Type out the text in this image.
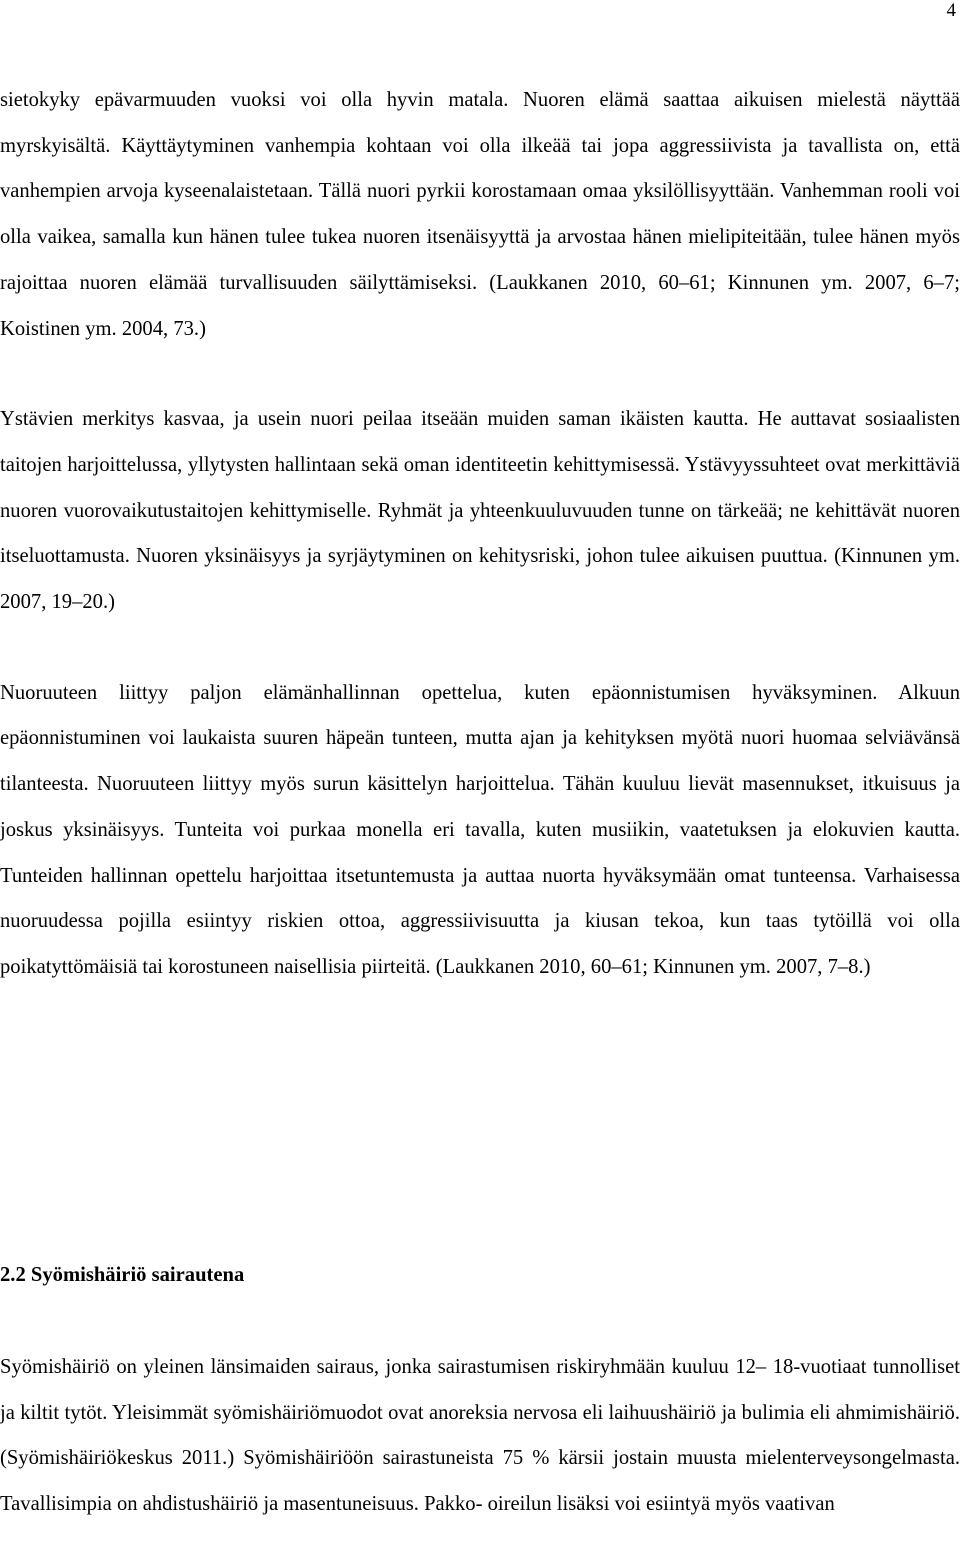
4

sietokyky epävarmuuden vuoksi voi olla hyvin matala. Nuoren elämä saattaa aikuisen mielestä näyttää myrskyisältä. Käyttäytyminen vanhempia kohtaan voi olla ilkeää tai jopa aggressiivista ja tavallista on, että vanhempien arvoja kyseenalaistetaan. Tällä nuori pyrkii korostamaan omaa yksilöllisyyttään. Vanhemman rooli voi olla vaikea, samalla kun hänen tulee tukea nuoren itsenäisyyttä ja arvostaa hänen mielipiteitään, tulee hänen myös rajoittaa nuoren elämää turvallisuuden säilyttämiseksi. (Laukkanen 2010, 60–61; Kinnunen ym. 2007, 6–7; Koistinen ym. 2004, 73.)

Ystävien merkitys kasvaa, ja usein nuori peilaa itseään muiden saman ikäisten kautta. He auttavat sosiaalisten taitojen harjoittelussa, yllytysten hallintaan sekä oman identiteetin kehittymisessä. Ystävyyssuhteet ovat merkittäviä nuoren vuorovaikutustaitojen kehittymiselle. Ryhmät ja yhteenkuuluvuuden tunne on tärkeää; ne kehittävät nuoren itseluottamusta. Nuoren yksinäisyys ja syrjäytyminen on kehitysriski, johon tulee aikuisen puuttua. (Kinnunen ym. 2007, 19–20.)

Nuoruuteen liittyy paljon elämänhallinnan opettelua, kuten epäonnistumisen hyväksyminen. Alkuun epäonnistuminen voi laukaista suuren häpeän tunteen, mutta ajan ja kehityksen myötä nuori huomaa selviävänsä tilanteesta. Nuoruuteen liittyy myös surun käsittelyn harjoittelua. Tähän kuuluu lievät masennukset, itkuisuus ja joskus yksinäisyys. Tunteita voi purkaa monella eri tavalla, kuten musiikin, vaatetuksen ja elokuvien kautta. Tunteiden hallinnan opettelu harjoittaa itsetuntemusta ja auttaa nuorta hyväksymään omat tunteensa. Varhaisessa nuoruudessa pojilla esiintyy riskien ottoa, aggressiivisuutta ja kiusan tekoa, kun taas tytöillä voi olla poikatyttömäisiä tai korostuneen naisellisia piirteitä. (Laukkanen 2010, 60–61; Kinnunen ym. 2007, 7–8.)

2.2 Syömishäiriö sairautena

Syömishäiriö on yleinen länsimaiden sairaus, jonka sairastumisen riskiryhmään kuuluu 12– 18-vuotiaat tunnolliset ja kiltit tytöt. Yleisimmät syömishäiriömuodot ovat anoreksia nervosa eli laihuushäiriö ja bulimia eli ahmimishäiriö. (Syömishäiriökeskus 2011.) Syömishäiriöön sairastuneista 75 % kärsii jostain muusta mielenterveysongelmasta. Tavallisimpia on ahdistushäiriö ja masentuneisuus. Pakko- oireilun lisäksi voi esiintyä myös vaativan
